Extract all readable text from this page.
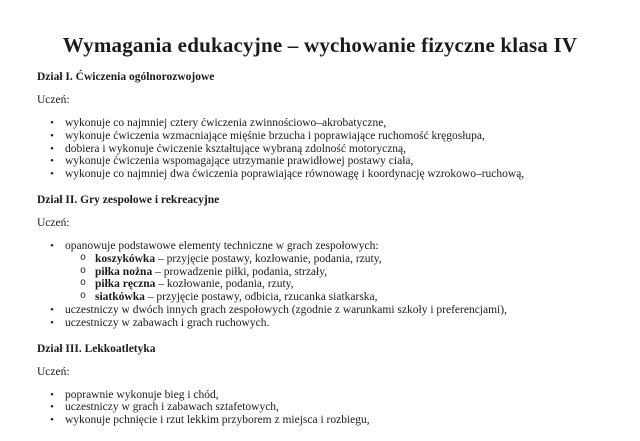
Wymagania edukacyjne – wychowanie fizyczne klasa IV
Dział I. Ćwiczenia ogólnorozwojowe

Uczeń:

• wykonuje co najmniej cztery ćwiczenia zwinnościowo–akrobatyczne,
• wykonuje ćwiczenia wzmacniające mięśnie brzucha i poprawiające ruchomość kręgosłupa,
• dobiera i wykonuje ćwiczenie kształtujące wybraną zdolność motoryczną,
• wykonuje ćwiczenia wspomagające utrzymanie prawidłowej postawy ciała,
• wykonuje co najmniej dwa ćwiczenia poprawiające równowagę i koordynację wzrokowo–ruchową,
Dział II. Gry zespołowe i rekreacyjne

Uczeń:

• opanowuje podstawowe elementy techniczne w grach zespołowych:
o koszykówka – przyjęcie postawy, kozłowanie, podania, rzuty,
o piłka nożna – prowadzenie piłki, podania, strzały,
o piłka ręczna – kozłowanie, podania, rzuty,
o siatkówka – przyjęcie postawy, odbicia, rzucanka siatkarska,
• uczestniczy w dwóch innych grach zespołowych (zgodnie z warunkami szkoły i preferencjami),
• uczestniczy w zabawach i grach ruchowych.
Dział III. Lekkoatletyka

Uczeń:

• poprawnie wykonuje bieg i chód,
• uczestniczy w grach i zabawach sztafetowych,
• wykonuje pchnięcie i rzut lekkim przyborem z miejsca i rozbiegu,
